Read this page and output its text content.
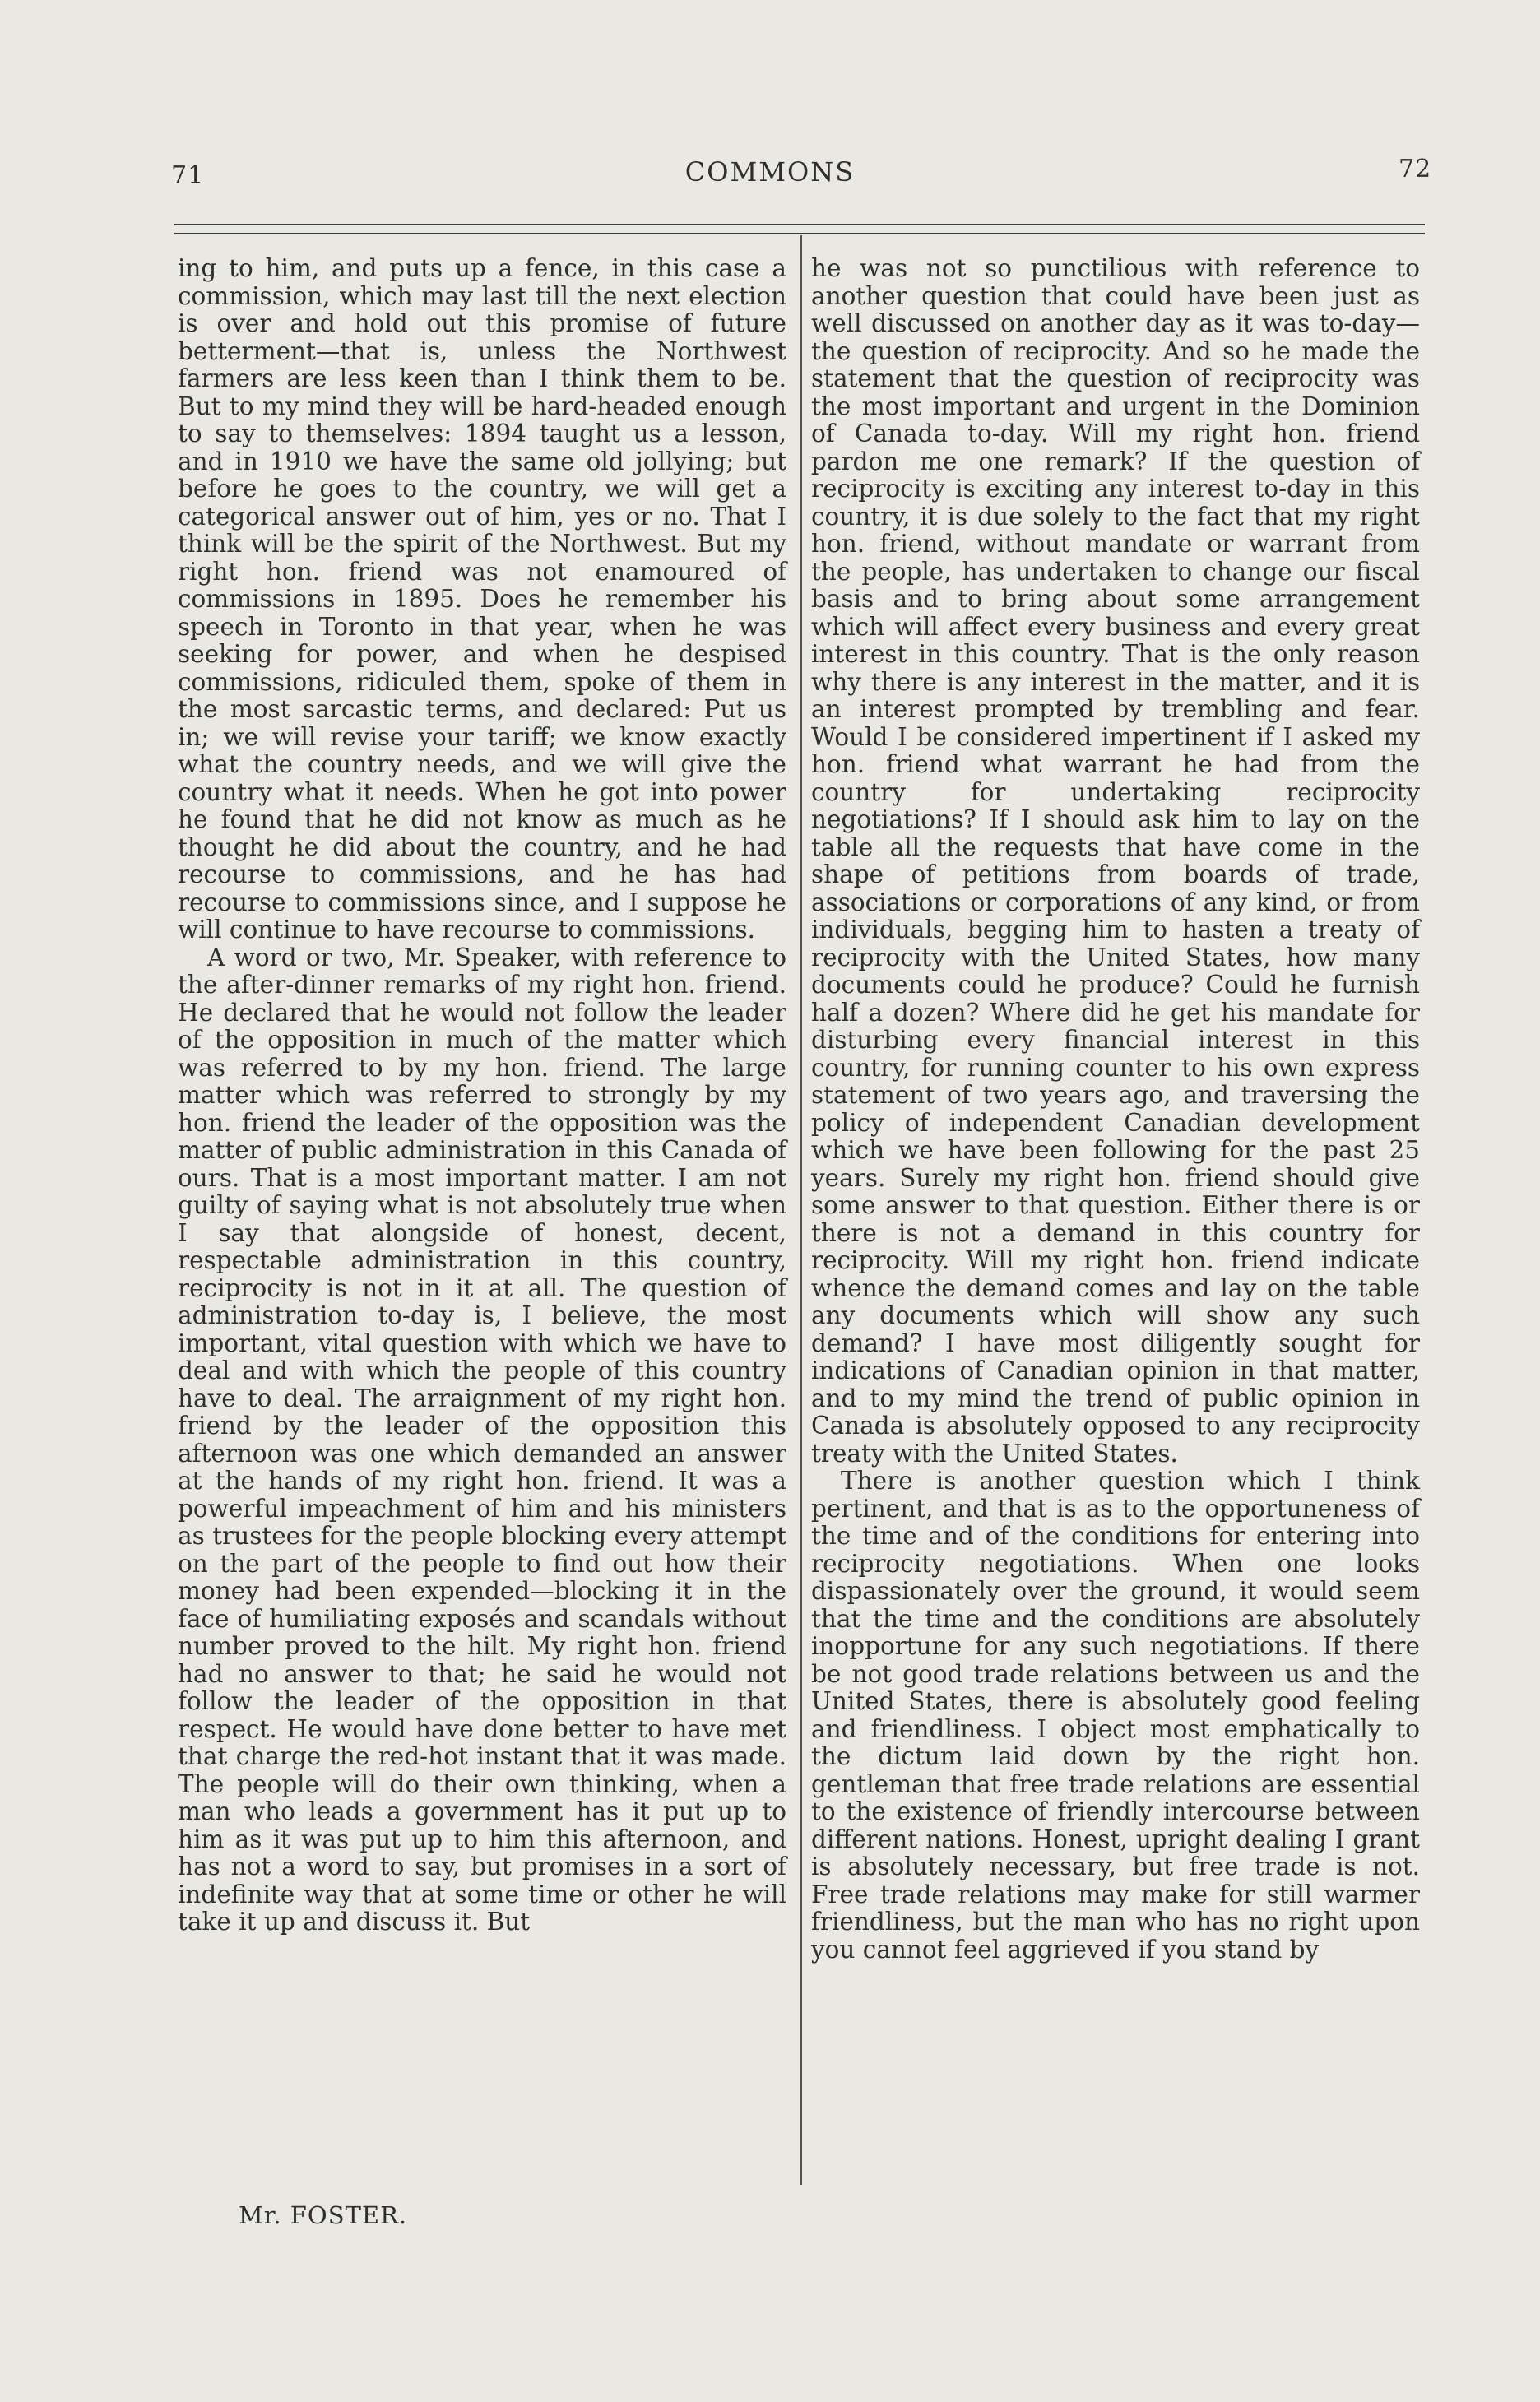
71	COMMONS	72

ing to him, and puts up a fence, in this case a commission, which may last till the next election is over and hold out this promise of future betterment—that is, unless the Northwest farmers are less keen than I think them to be. But to my mind they will be hard-headed enough to say to themselves: 1894 taught us a lesson, and in 1910 we have the same old jollying; but before he goes to the country, we will get a categorical answer out of him, yes or no. That I think will be the spirit of the Northwest. But my right hon. friend was not enamoured of commissions in 1895. Does he remember his speech in Toronto in that year, when he was seeking for power, and when he despised commissions, ridiculed them, spoke of them in the most sarcastic terms, and declared: Put us in; we will revise your tariff; we know exactly what the country needs, and we will give the country what it needs. When he got into power he found that he did not know as much as he thought he did about the country, and he had recourse to commissions, and he has had recourse to commissions since, and I suppose he will continue to have recourse to commissions.

A word or two, Mr. Speaker, with reference to the after-dinner remarks of my right hon. friend. He declared that he would not follow the leader of the opposition in much of the matter which was referred to by my hon. friend. The large matter which was referred to strongly by my hon. friend the leader of the opposition was the matter of public administration in this Canada of ours. That is a most important matter. I am not guilty of saying what is not absolutely true when I say that alongside of honest, decent, respectable administration in this country, reciprocity is not in it at all. The question of administration to-day is, I believe, the most important, vital question with which we have to deal and with which the people of this country have to deal. The arraignment of my right hon. friend by the leader of the opposition this afternoon was one which demanded an answer at the hands of my right hon. friend. It was a powerful impeachment of him and his ministers as trustees for the people blocking every attempt on the part of the people to find out how their money had been expended—blocking it in the face of humiliating exposés and scandals without number proved to the hilt. My right hon. friend had no answer to that; he said he would not follow the leader of the opposition in that respect. He would have done better to have met that charge the red-hot instant that it was made. The people will do their own thinking, when a man who leads a government has it put up to him as it was put up to him this afternoon, and has not a word to say, but promises in a sort of indefinite way that at some time or other he will take it up and discuss it. But

he was not so punctilious with reference to another question that could have been just as well discussed on another day as it was to-day—the question of reciprocity. And so he made the statement that the question of reciprocity was the most important and urgent in the Dominion of Canada to-day. Will my right hon. friend pardon me one remark? If the question of reciprocity is exciting any interest to-day in this country, it is due solely to the fact that my right hon. friend, without mandate or warrant from the people, has undertaken to change our fiscal basis and to bring about some arrangement which will affect every business and every great interest in this country. That is the only reason why there is any interest in the matter, and it is an interest prompted by trembling and fear. Would I be considered impertinent if I asked my hon. friend what warrant he had from the country for undertaking reciprocity negotiations? If I should ask him to lay on the table all the requests that have come in the shape of petitions from boards of trade, associations or corporations of any kind, or from individuals, begging him to hasten a treaty of reciprocity with the United States, how many documents could he produce? Could he furnish half a dozen? Where did he get his mandate for disturbing every financial interest in this country, for running counter to his own express statement of two years ago, and traversing the policy of independent Canadian development which we have been following for the past 25 years. Surely my right hon. friend should give some answer to that question. Either there is or there is not a demand in this country for reciprocity. Will my right hon. friend indicate whence the demand comes and lay on the table any documents which will show any such demand? I have most diligently sought for indications of Canadian opinion in that matter, and to my mind the trend of public opinion in Canada is absolutely opposed to any reciprocity treaty with the United States.

There is another question which I think pertinent, and that is as to the opportuneness of the time and of the conditions for entering into reciprocity negotiations. When one looks dispassionately over the ground, it would seem that the time and the conditions are absolutely inopportune for any such negotiations. If there be not good trade relations between us and the United States, there is absolutely good feeling and friendliness. I object most emphatically to the dictum laid down by the right hon. gentleman that free trade relations are essential to the existence of friendly intercourse between different nations. Honest, upright dealing I grant is absolutely necessary, but free trade is not. Free trade relations may make for still warmer friendliness, but the man who has no right upon you cannot feel aggrieved if you stand by

Mr. FOSTER.
